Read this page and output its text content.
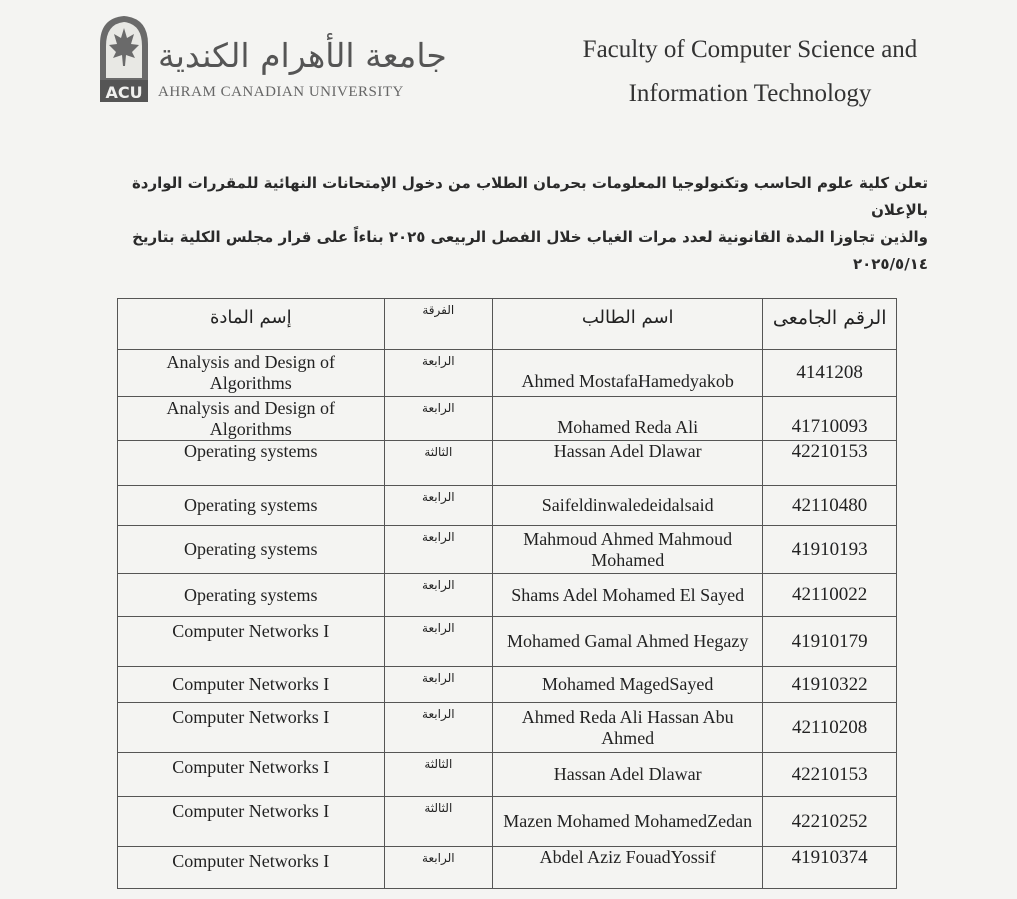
ACU
جامعة الأهرام الكندية
AHRAM CANADIAN UNIVERSITY
Faculty of Computer Science and
Information Technology
تعلن كلية علوم الحاسب وتكنولوجيا المعلومات بحرمان الطلاب من دخول الإمتحانات النهائية للمقررات الواردة بالإعلان
والذين تجاوزا المدة القانونية لعدد مرات الغياب خلال الفصل الربيعى ٢٠٢٥ بناءاً على قرار مجلس الكلية بتاريخ
٢٠٢٥/٥/١٤
إسم المادة	الفرقة	اسم الطالب	الرقم الجامعى
Analysis and Design of Algorithms	الرابعة	Ahmed MostafaHamedyakob	4141208
Analysis and Design of Algorithms	الرابعة	Mohamed Reda Ali	41710093
Operating systems	الثالثة	Hassan Adel Dlawar	42210153
Operating systems	الرابعة	Saifeldinwaledeidalsaid	42110480
Operating systems	الرابعة	Mahmoud Ahmed Mahmoud Mohamed	41910193
Operating systems	الرابعة	Shams Adel Mohamed El Sayed	42110022
Computer Networks I	الرابعة	Mohamed Gamal Ahmed Hegazy	41910179
Computer Networks I	الرابعة	Mohamed MagedSayed	41910322
Computer Networks I	الرابعة	Ahmed Reda Ali Hassan Abu Ahmed	42110208
Computer Networks I	الثالثة	Hassan Adel Dlawar	42210153
Computer Networks I	الثالثة	Mazen Mohamed MohamedZedan	42210252
Computer Networks I	الرابعة	Abdel Aziz FouadYossif	41910374
